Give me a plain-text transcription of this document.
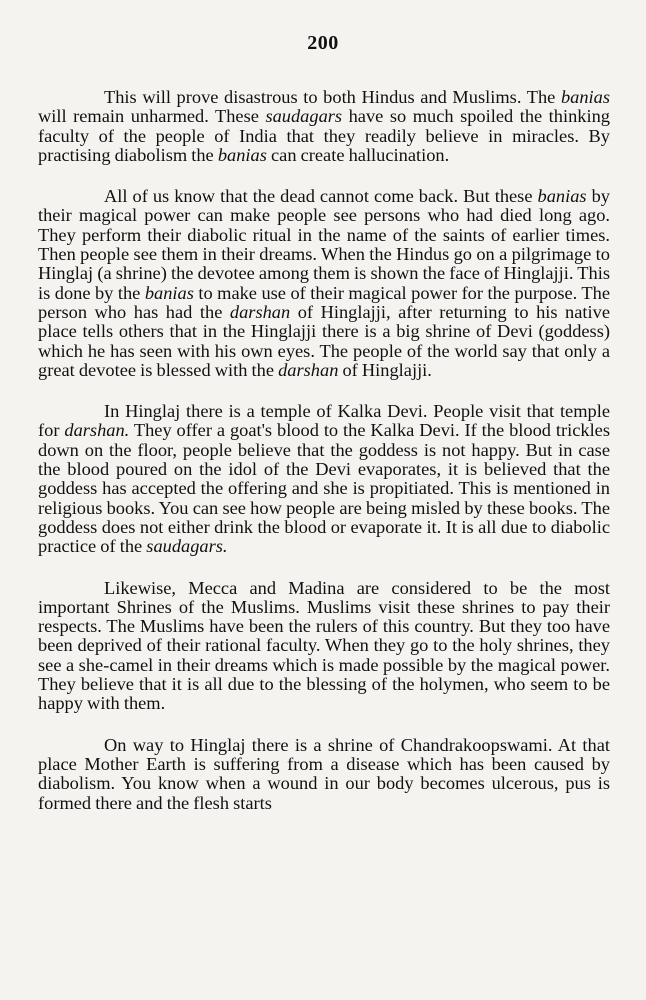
200

This will prove disastrous to both Hindus and Muslims. The banias will remain unharmed. These saudagars have so much spoiled the thinking faculty of the people of India that they readily believe in miracles. By practising diabolism the banias can create hallucination.

All of us know that the dead cannot come back. But these banias by their magical power can make people see persons who had died long ago. They perform their diabolic ritual in the name of the saints of earlier times. Then people see them in their dreams. When the Hindus go on a pilgrimage to Hinglaj (a shrine) the devotee among them is shown the face of Hinglajji. This is done by the banias to make use of their magical power for the purpose. The person who has had the darshan of Hinglajji, after returning to his native place tells others that in the Hinglajji there is a big shrine of Devi (goddess) which he has seen with his own eyes. The people of the world say that only a great devotee is blessed with the darshan of Hinglajji.

In Hinglaj there is a temple of Kalka Devi. People visit that temple for darshan. They offer a goat's blood to the Kalka Devi. If the blood trickles down on the floor, people believe that the goddess is not happy. But in case the blood poured on the idol of the Devi evaporates, it is believed that the goddess has accepted the offering and she is propitiated. This is mentioned in religious books. You can see how people are being misled by these books. The goddess does not either drink the blood or evaporate it. It is all due to diabolic practice of the saudagars.

Likewise, Mecca and Madina are considered to be the most important Shrines of the Muslims. Muslims visit these shrines to pay their respects. The Muslims have been the rulers of this country. But they too have been deprived of their rational faculty. When they go to the holy shrines, they see a she-camel in their dreams which is made possible by the magical power. They believe that it is all due to the blessing of the holymen, who seem to be happy with them.

On way to Hinglaj there is a shrine of Chandrakoopswami. At that place Mother Earth is suffering from a disease which has been caused by diabolism. You know when a wound in our body becomes ulcerous, pus is formed there and the flesh starts
